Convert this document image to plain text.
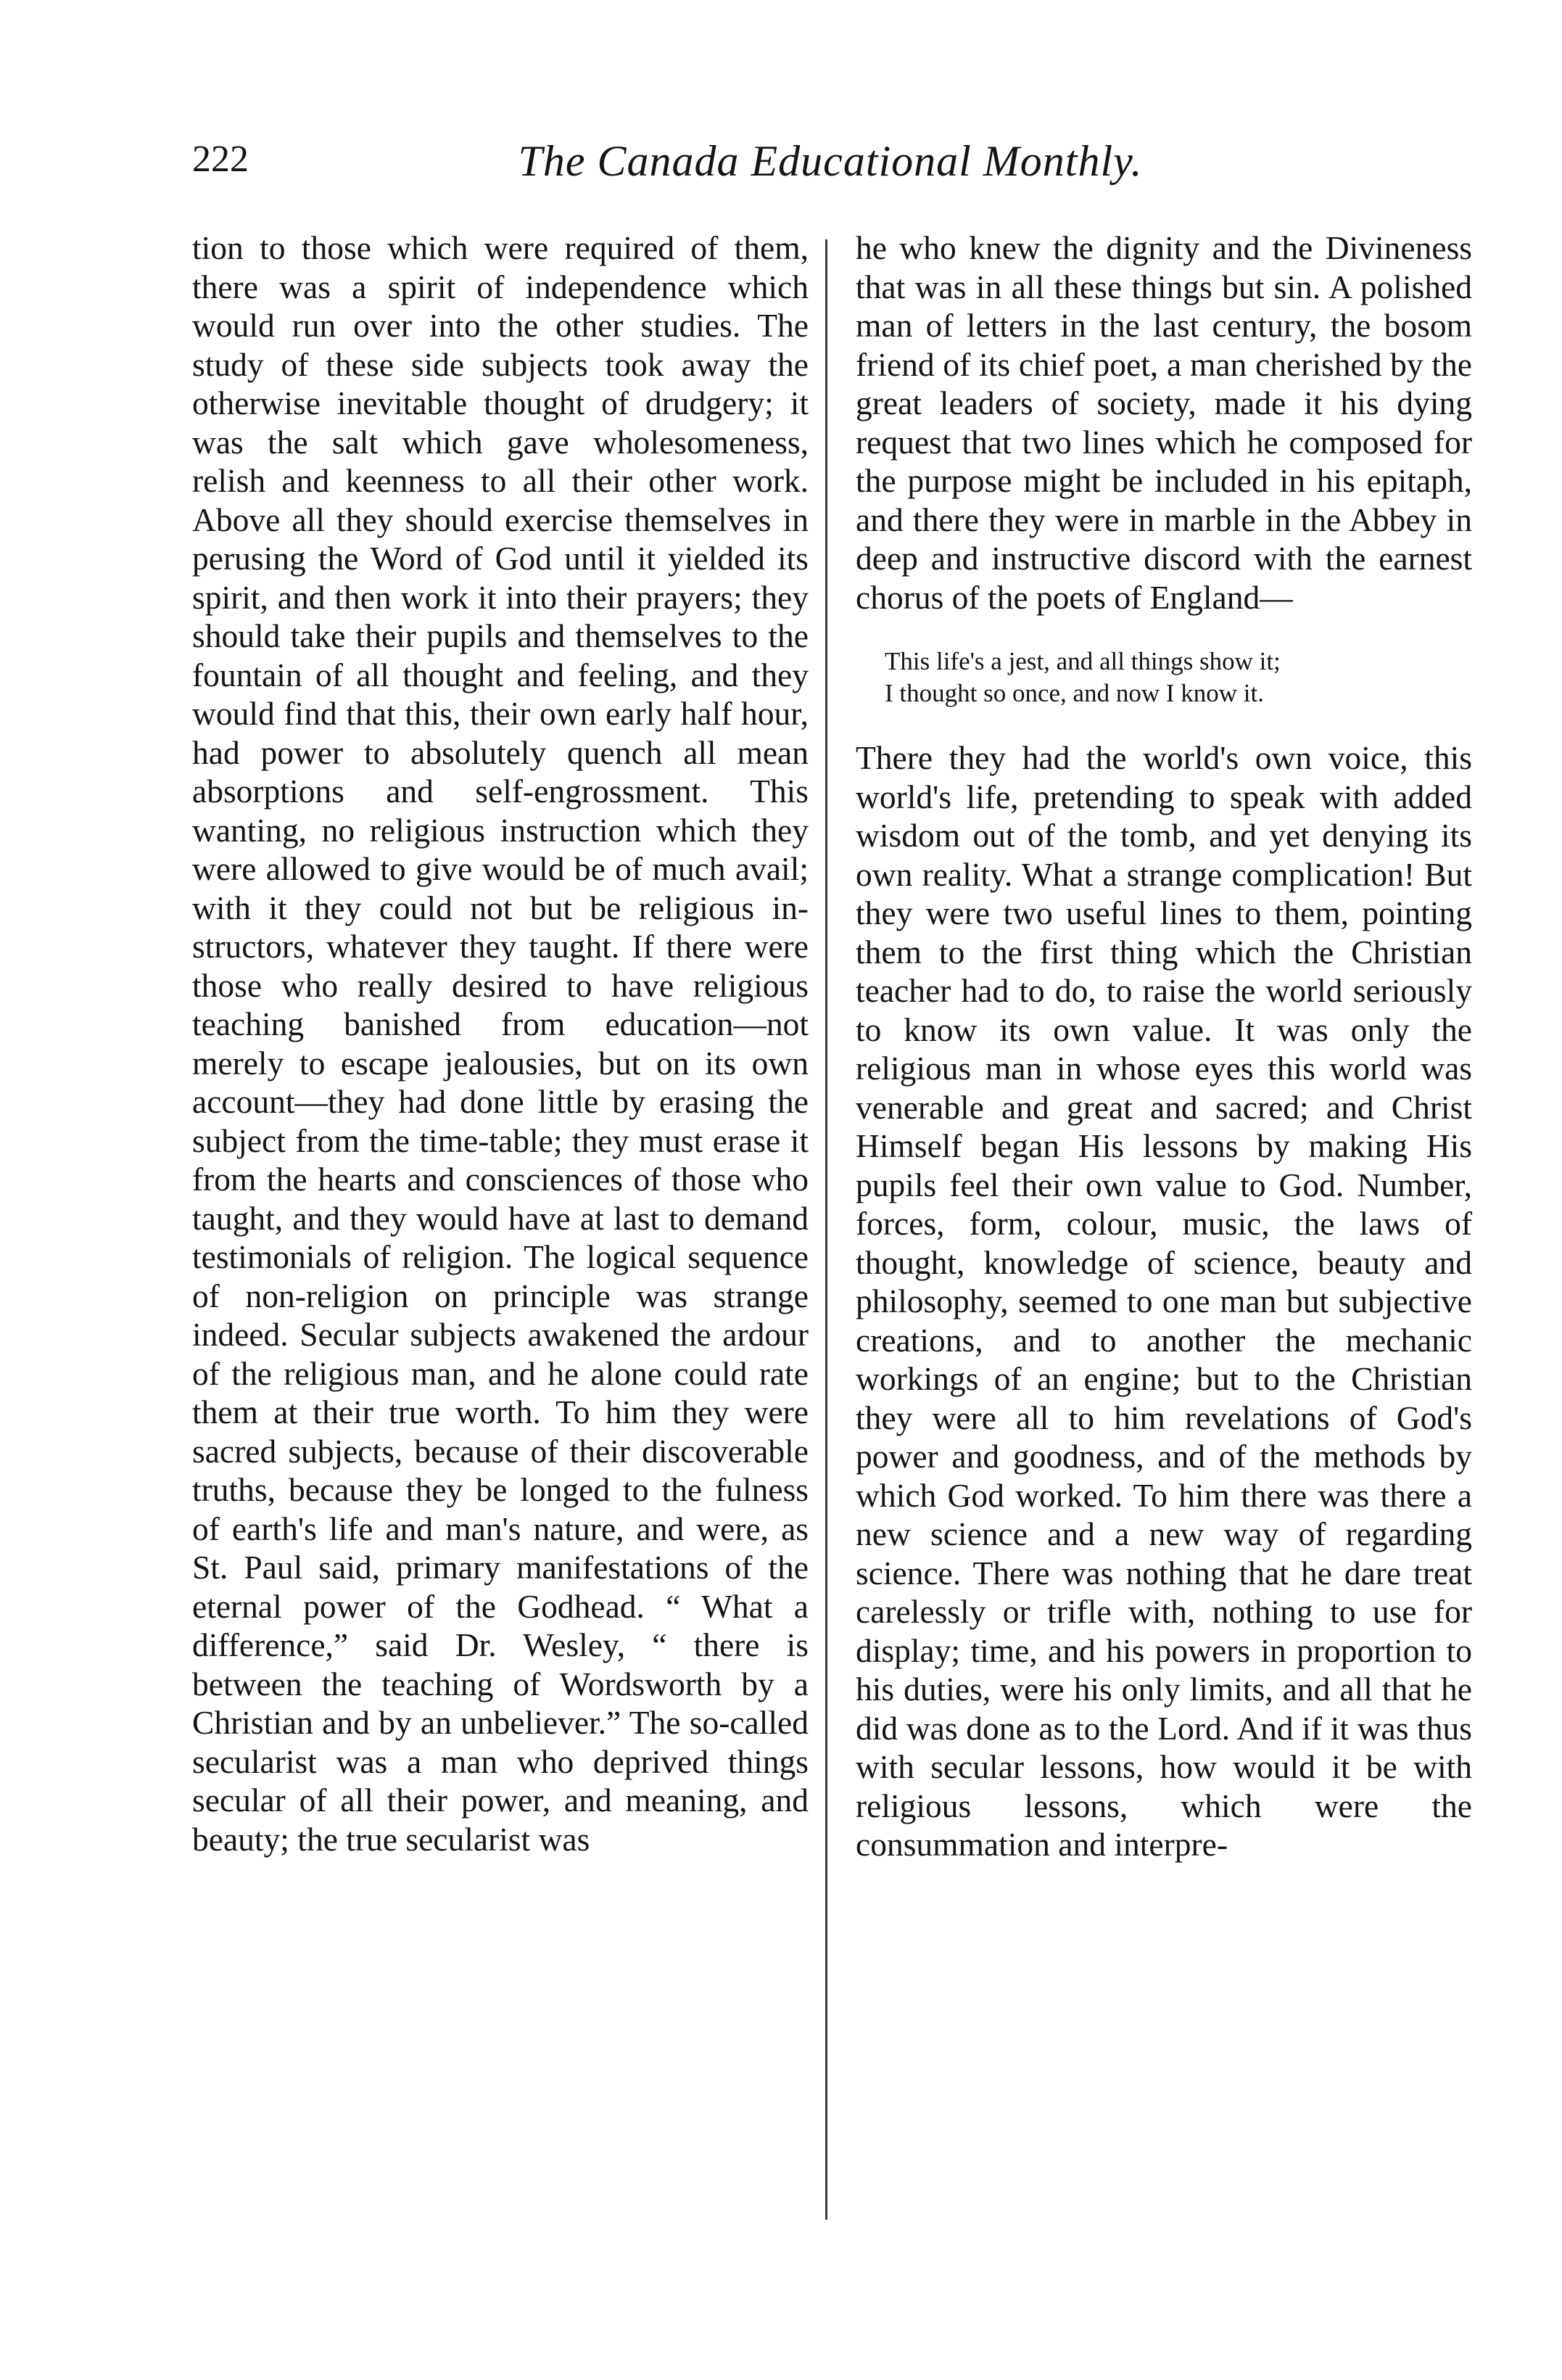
222	The Canada Educational Monthly.

tion to those which were required of them, there was a spirit of independence which would run over into the other studies. The study of these side subjects took away the otherwise inevitable thought of drudgery; it was the salt which gave wholesomeness, relish and keenness to all their other work. Above all they should exercise themselves in perusing the Word of God until it yielded its spirit, and then work it into their prayers; they should take their pupils and themselves to the fountain of all thought and feeling, and they would find that this, their own early half hour, had power to absolutely quench all mean absorptions and self-engrossment. This wanting, no religious instruction which they were allowed to give would be of much avail; with it they could not but be religious instructors, whatever they taught. If there were those who really desired to have religious teaching banished from education—not merely to escape jealousies, but on its own account—they had done little by erasing the subject from the time-table; they must erase it from the hearts and consciences of those who taught, and they would have at last to demand testimonials of religion. The logical sequence of non-religion on principle was strange indeed. Secular subjects awakened the ardour of the religious man, and he alone could rate them at their true worth. To him they were sacred subjects, because of their discoverable truths, because they be longed to the fulness of earth's life and man's nature, and were, as St. Paul said, primary manifestations of the eternal power of the Godhead. “ What a difference,” said Dr. Wesley, “ there is between the teaching of Wordsworth by a Christian and by an unbeliever.” The so-called secularist was a man who deprived things secular of all their power, and meaning, and beauty; the true secularist was

he who knew the dignity and the Divineness that was in all these things but sin. A polished man of letters in the last century, the bosom friend of its chief poet, a man cherished by the great leaders of society, made it his dying request that two lines which he composed for the purpose might be included in his epitaph, and there they were in marble in the Abbey in deep and instructive discord with the earnest chorus of the poets of England—

This life's a jest, and all things show it;
I thought so once, and now I know it.

There they had the world's own voice, this world's life, pretending to speak with added wisdom out of the tomb, and yet denying its own reality. What a strange complication! But they were two useful lines to them, pointing them to the first thing which the Christian teacher had to do, to raise the world seriously to know its own value. It was only the religious man in whose eyes this world was venerable and great and sacred; and Christ Himself began His lessons by making His pupils feel their own value to God. Number, forces, form, colour, music, the laws of thought, knowledge of science, beauty and philosophy, seemed to one man but subjective creations, and to another the mechanic workings of an engine; but to the Christian they were all to him revelations of God's power and goodness, and of the methods by which God worked. To him there was there a new science and a new way of regarding science. There was nothing that he dare treat carelessly or trifle with, nothing to use for display; time, and his powers in proportion to his duties, were his only limits, and all that he did was done as to the Lord. And if it was thus with secular lessons, how would it be with religious lessons, which were the consummation and interpre-
